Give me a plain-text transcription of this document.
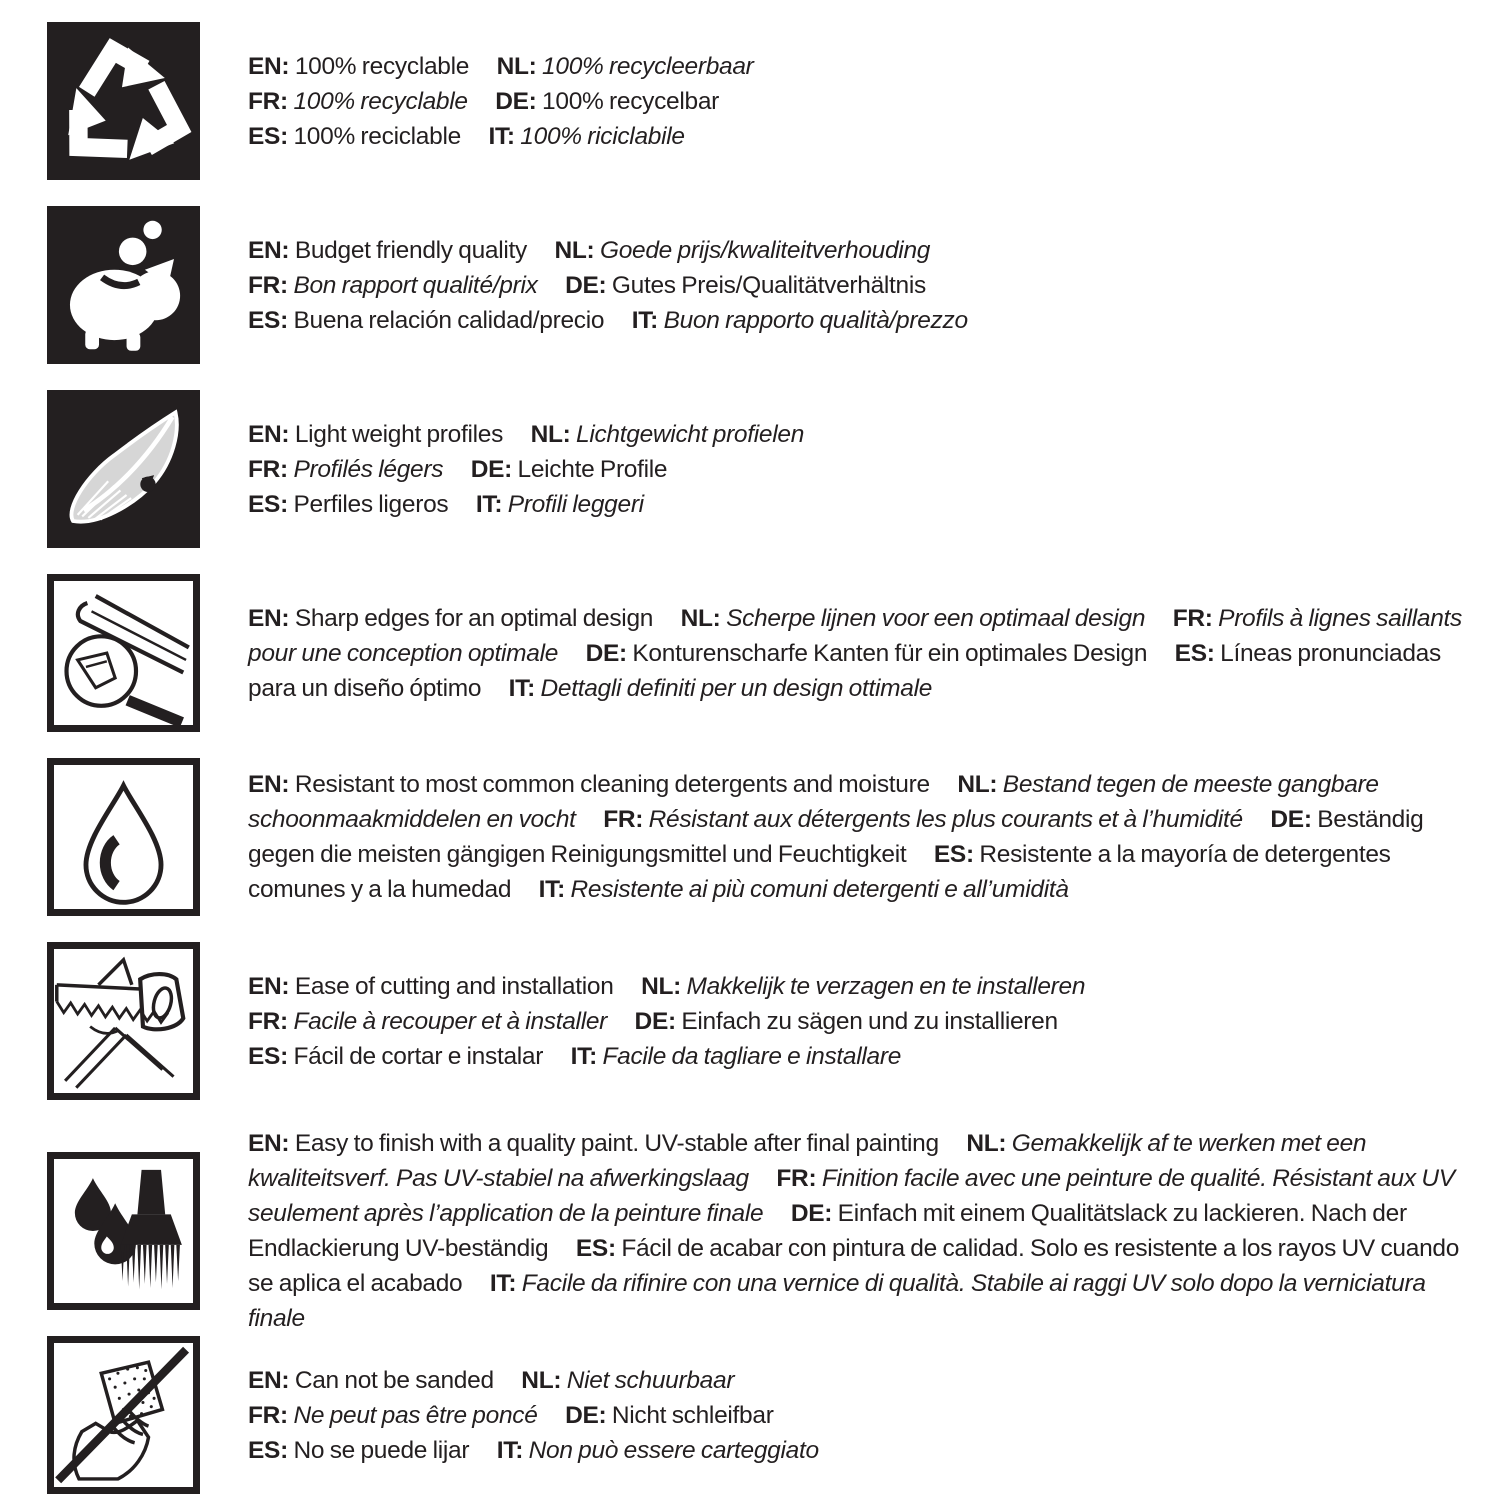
EN: 100% recyclable NL: 100% recycleerbaar
FR: 100% recyclable DE: 100% recycelbar
ES: 100% reciclable IT: 100% riciclabile

EN: Budget friendly quality NL: Goede prijs/kwaliteitverhouding
FR: Bon rapport qualité/prix DE: Gutes Preis/Qualitätverhältnis
ES: Buena relación calidad/precio IT: Buon rapporto qualità/prezzo

EN: Light weight profiles NL: Lichtgewicht profielen
FR: Profilés légers DE: Leichte Profile
ES: Perfiles ligeros IT: Profili leggeri

EN: Sharp edges for an optimal design NL: Scherpe lijnen voor een optimaal design FR: Profils à lignes saillants pour une conception optimale DE: Konturenscharfe Kanten für ein optimales Design ES: Líneas pronunciadas para un diseño óptimo IT: Dettagli definiti per un design ottimale

EN: Resistant to most common cleaning detergents and moisture NL: Bestand tegen de meeste gangbare schoonmaakmiddelen en vocht FR: Résistant aux détergents les plus courants et à l’humidité DE: Beständig gegen die meisten gängigen Reinigungsmittel und Feuchtigkeit ES: Resistente a la mayoría de detergentes comunes y a la humedad IT: Resistente ai più comuni detergenti e all’umidità

EN: Ease of cutting and installation NL: Makkelijk te verzagen en te installeren
FR: Facile à recouper et à installer DE: Einfach zu sägen und zu installieren
ES: Fácil de cortar e instalar IT: Facile da tagliare e installare

EN: Easy to finish with a quality paint. UV-stable after final painting NL: Gemakkelijk af te werken met een kwaliteitsverf. Pas UV-stabiel na afwerkingslaag FR: Finition facile avec une peinture de qualité. Résistant aux UV seulement après l’application de la peinture finale DE: Einfach mit einem Qualitätslack zu lackieren. Nach der Endlackierung UV-beständig ES: Fácil de acabar con pintura de calidad. Solo es resistente a los rayos UV cuando se aplica el acabado IT: Facile da rifinire con una vernice di qualità. Stabile ai raggi UV solo dopo la verniciatura finale

EN: Can not be sanded NL: Niet schuurbaar
FR: Ne peut pas être poncé DE: Nicht schleifbar
ES: No se puede lijar IT: Non può essere carteggiato
